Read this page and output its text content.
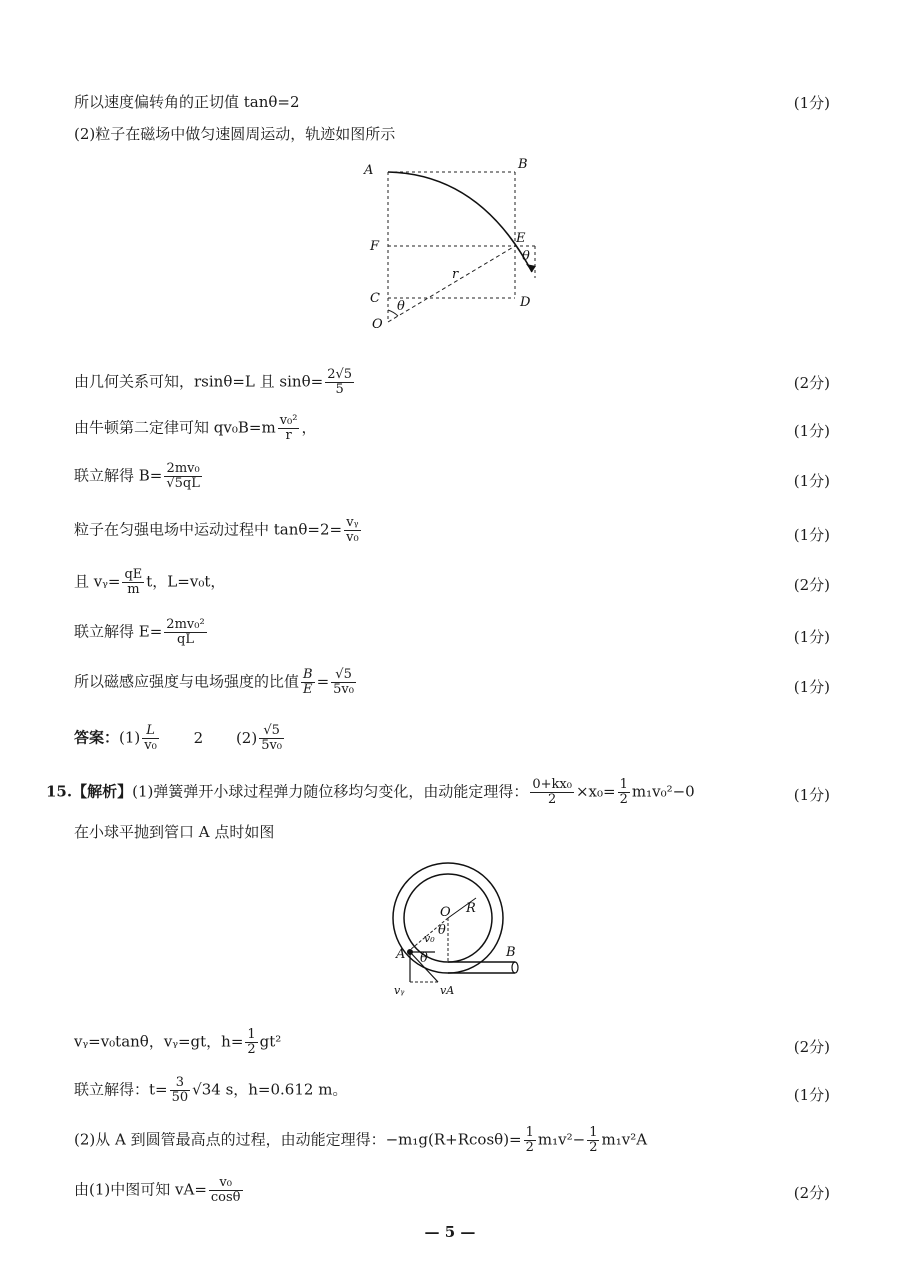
所以速度偏转角的正切值 tanθ=2	(1分)
(2)粒子在磁场中做匀速圆周运动，轨迹如图所示
A	B
E
F
C	D
O
r
θ
θ
由几何关系可知，rsinθ=L 且 $\sin\theta= \frac{2√5}{5}$	(2分)
由牛顿第二定律可知 $qv_0B=m \frac{\text{v₀²}}{r}$ ，	(1分)
联立解得 $B= \frac{\text{2mv₀}}{√5qL}$	(1分)
粒子在匀强电场中运动过程中 $\tan\theta=2= \frac{\text{vᵧ}}{\text{v₀}}$	(1分)
且 vᵧ= $\frac{qE}{m}$ t，L=v₀t，	(2分)
联立解得 $E= \frac{\text{2mv₀²}}{qL}$	(1分)
所以磁感应强度与电场强度的比值 $\frac{B}{E} = \frac{√5}{\text{5v₀}}$	(1分)
答案：$(1) \frac{L}{\text{v₀}} 2$ $(2) \frac{√5}{\text{5v₀}}$
15.【解析】(1)弹簧弹开小球过程弹力随位移均匀变化，由动能定理得： $\frac{\text{0+kx₀}}{2} \times x_0= \frac{1}{2} m_1v_0^2-0$	(1分)
在小球平抛到管口 A 点时如图
O R
A	B
θ
θ
v₀
vᵧ	vA
vᵧ=v₀tanθ，vᵧ=gt，$h= \frac{1}{2} gt^2$	(2分)
联立解得：$t= \frac{3}{50} √34$ s，h=0.612 m。	(1分)
(2)从 A 到圆管最高点的过程，由动能定理得：$-m_1g(R+Rcos\theta)= \frac{1}{2} m_1v^2- \frac{1}{2} m_1v^2A$
由(1)中图可知 $vA= \frac{\text{v₀}}{\cos\theta}$	(2分)
— 5 —
